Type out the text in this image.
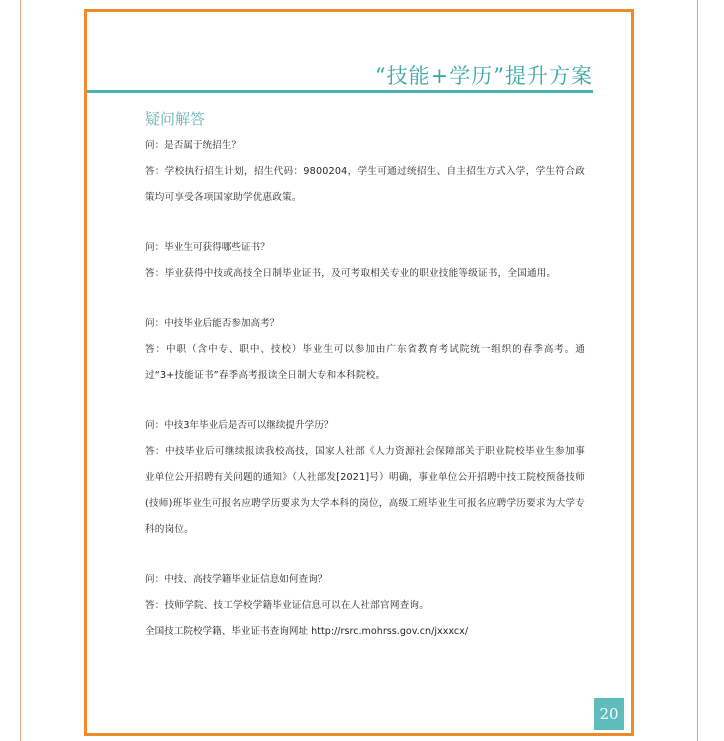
“技能+学历”提升方案
疑问解答

问：是否属于统招生？

答：学校执行招生计划，招生代码：9800204，学生可通过统招生、自主招生方式入学，学生符合政策均可享受各项国家助学优惠政策。

问：毕业生可获得哪些证书？

答：毕业获得中技或高技全日制毕业证书，及可考取相关专业的职业技能等级证书，全国通用。

问：中技毕业后能否参加高考？

答：中职（含中专、职中、技校）毕业生可以参加由广东省教育考试院统一组织的春季高考。通过“3+技能证书”春季高考报读全日制大专和本科院校。

问：中技3年毕业后是否可以继续提升学历？

答：中技毕业后可继续报读我校高技，国家人社部《人力资源社会保障部关于职业院校毕业生参加事业单位公开招聘有关问题的通知》（人社部发[2021]号）明确，事业单位公开招聘中技工院校预备技师(技师)班毕业生可报名应聘学历要求为大学本科的岗位，高级工班毕业生可报名应聘学历要求为大学专科的岗位。

问：中技、高技学籍毕业证信息如何查询？

答：技师学院、技工学校学籍毕业证信息可以在人社部官网查询。

全国技工院校学籍、毕业证书查询网址 http://rsrc.mohrss.gov.cn/jxxxcx/

20
